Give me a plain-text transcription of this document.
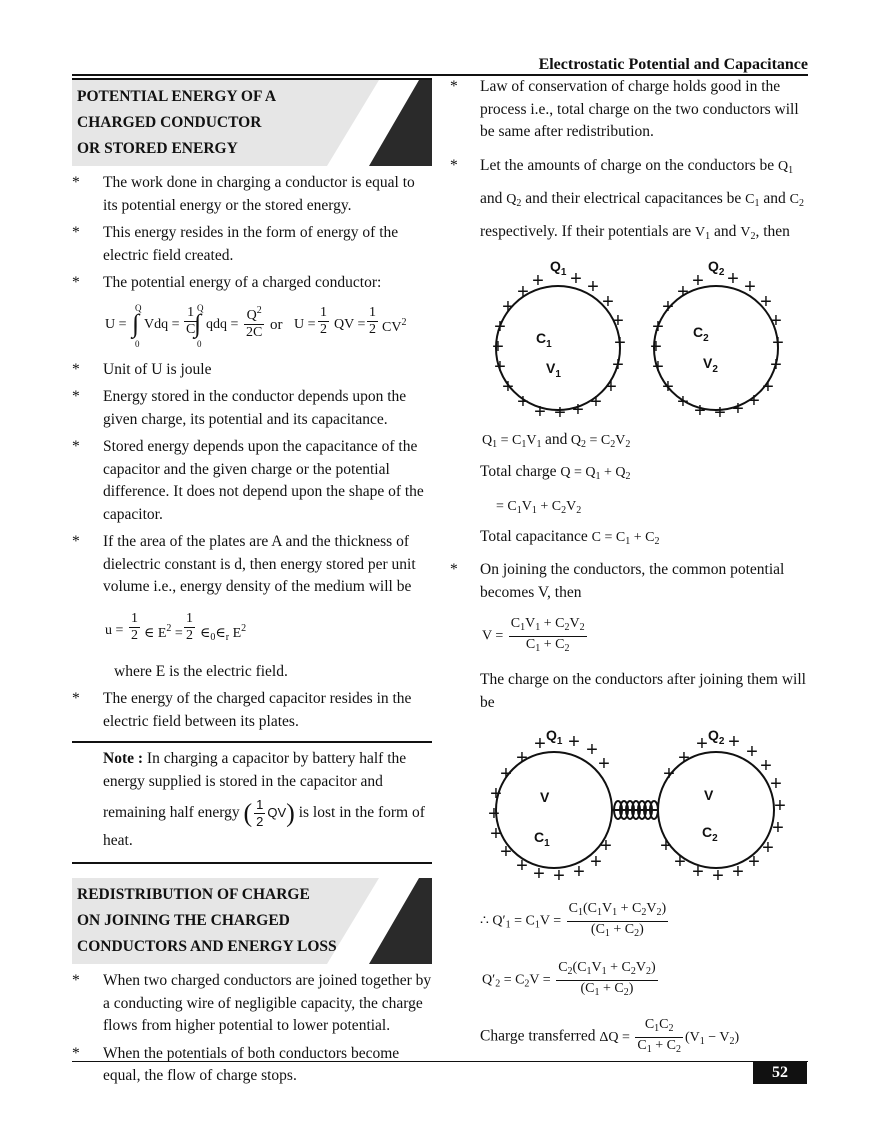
Electrostatic Potential and Capacitance
POTENTIAL ENERGY OF A
CHARGED CONDUCTOR
OR STORED ENERGY

* The work done in charging a conductor is equal to its potential energy or the stored energy.

* This energy resides in the form of energy of the electric field created.

* The potential energy of a charged conductor:

U =
Q
∫
0
Vdq = $\frac{1}{C}$ Q
∫
0
qdq = $\frac{Q^2}{2C}$ or $U = \frac{1}{2}$ QV = $\frac{1}{2} CV^2$

* Unit of U is joule

* Energy stored in the conductor depends upon the given charge, its potential and its capacitance.

* Stored energy depends upon the capacitance of the capacitor and the given charge or the potential difference. It does not depend upon the shape of the capacitor.

* If the area of the plates are A and the thickness of dielectric constant is d, then energy stored per unit volume i.e., energy density of the medium will be

$u = \frac{1}{2}$ ∈ $E^2 = \frac{1}{2}$ $\in_0\in_r$ $E^2$
where E is the electric field.

* The energy of the charged capacitor resides in the electric field between its plates.

Note : In charging a capacitor by battery half the energy supplied is stored in the capacitor and
remaining half energy ( $\frac{1}{2} QV$) is lost in the form of
heat.
REDISTRIBUTION OF CHARGE
ON JOINING THE CHARGED
CONDUCTORS AND ENERGY LOSS

* When two charged conductors are joined together by a conducting wire of negligible capacity, the charge flows from higher potential to lower potential.

* When the potentials of both conductors become equal, the flow of charge stops.

* Law of conservation of charge holds good in the process i.e., total charge on the two conductors will be same after redistribution.

* Let the amounts of charge on the conductors be $Q_1$ and $Q_2$ and their electrical capacitances be $C_1$ and $C_2$ respectively. If their potentials are $V_1$ and $V_2$, then

+
+
+
+
+
+
+ + + + +
+
+
+
+
+
+
+
+	+
+
+
+
+
+
+ + + + +
+
+
+
+
+
+
+
+
$Q_1$	$Q_2$
$C_1$
$V_1$
$C_2$
$V_2$
$Q_1 = C_1V_1$ and $Q_2 = C_2V_2$
Total charge $Q = Q_1 + Q_2$
= $C_1V_1 + C_2V_2$
Total capacitance $C = C_1 + C_2$

* On joining the conductors, the common potential becomes V, then

$V = \frac{C_1V_1 + C_2V_2}{C_1 + C_2}$
The charge on the conductors after joining them will be
+
+
+
+
+
+
+ + + + +
+
+
+
+
+
+
+
+
+ + + + +
+
+
+
+
+
+
+
+
$Q_1$	$Q_2$
V
$C_1$
V
$C_2$
∴ $Q'_1 = C_1V = \frac{C_1(C_1V_1 + C_2V_2)}{(C_1 + C_2)}$
$Q'_2 = C_2V = \frac{C_2(C_1V_1 + C_2V_2)}{(C_1 + C_2)}$
Charge transferred $\Delta Q = \frac{C_1C_2}{C_1 + C_2} (V_1 - V_2)$
52
